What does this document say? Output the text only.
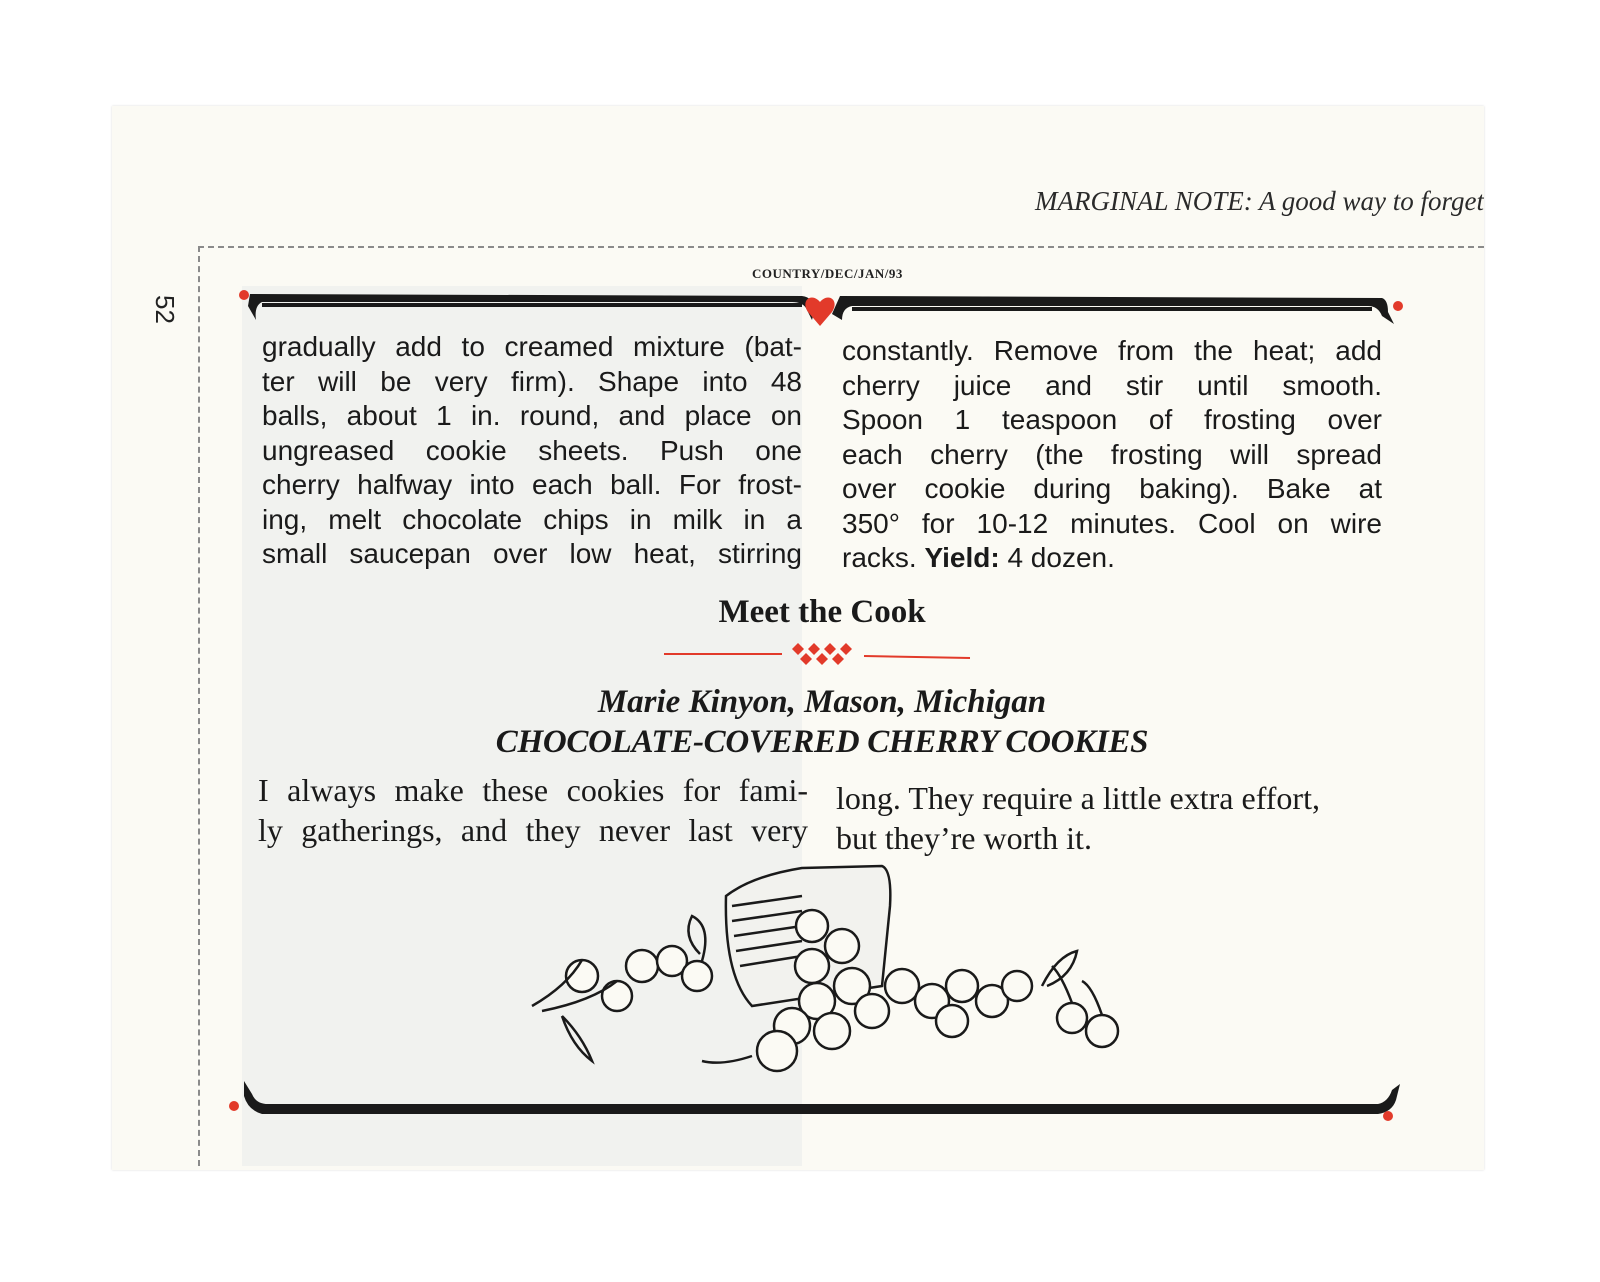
MARGINAL NOTE: A good way to forget
52
COUNTRY/DEC/JAN/93

gradually add to creamed mixture (bat-

ter will be very firm). Shape into 48

balls, about 1 in. round, and place on

ungreased cookie sheets. Push one

cherry halfway into each ball. For frost-

ing, melt chocolate chips in milk in a

small saucepan over low heat, stirring

constantly. Remove from the heat; add

cherry juice and stir until smooth.

Spoon 1 teaspoon of frosting over

each cherry (the frosting will spread

over cookie during baking). Bake at

350° for 10-12 minutes. Cool on wire

racks. Yield: 4 dozen.

Meet the Cook
Marie Kinyon, Mason, Michigan
CHOCOLATE-COVERED CHERRY COOKIES
I always make these cookies for fami-
ly gatherings, and they never last very
long. They require a little extra effort,
but they’re worth it.
